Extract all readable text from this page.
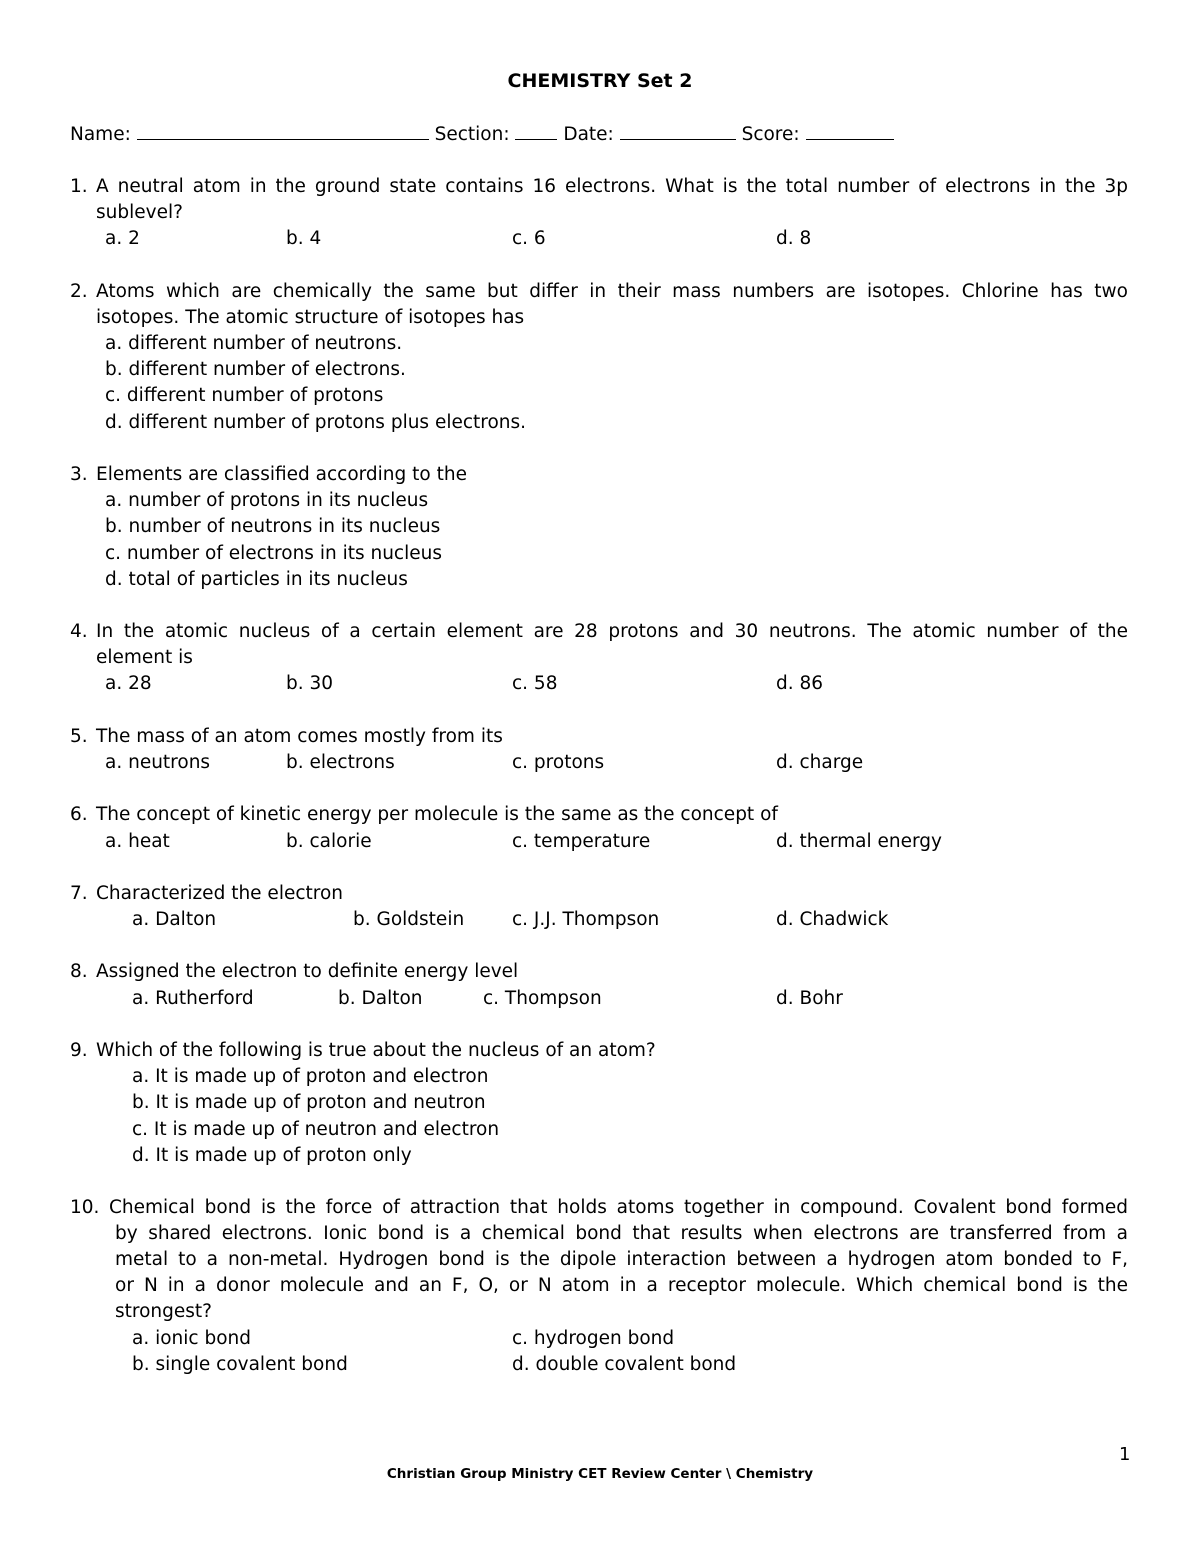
CHEMISTRY Set 2
Name:	Section:	Date:	Score:
1. A neutral atom in the ground state contains 16 electrons. What is the total number of electrons in the 3p
sublevel?
a. 2	b. 4	c. 6	d. 8
2. Atoms which are chemically the same but differ in their mass numbers are isotopes. Chlorine has two
isotopes. The atomic structure of isotopes has
a. different number of neutrons.
b. different number of electrons.
c. different number of protons
d. different number of protons plus electrons.
3. Elements are classified according to the
a. number of protons in its nucleus
b. number of neutrons in its nucleus
c. number of electrons in its nucleus
d. total of particles in its nucleus
4. In the atomic nucleus of a certain element are 28 protons and 30 neutrons. The atomic number of the
element is
a. 28	b. 30	c. 58	d. 86
5. The mass of an atom comes mostly from its
a. neutrons	b. electrons	c. protons	d. charge
6. The concept of kinetic energy per molecule is the same as the concept of
a. heat	b. calorie	c. temperature	d. thermal energy
7. Characterized the electron
a. Dalton	b. Goldstein	c. J.J. Thompson	d. Chadwick
8. Assigned the electron to definite energy level
a. Rutherford	b. Dalton	c. Thompson	d. Bohr
9. Which of the following is true about the nucleus of an atom?
a. It is made up of proton and electron
b. It is made up of proton and neutron
c. It is made up of neutron and electron
d. It is made up of proton only
10. Chemical bond is the force of attraction that holds atoms together in compound. Covalent bond formed
by shared electrons. Ionic bond is a chemical bond that results when electrons are transferred from a
metal to a non-metal. Hydrogen bond is the dipole interaction between a hydrogen atom bonded to F,
or N in a donor molecule and an F, O, or N atom in a receptor molecule. Which chemical bond is the
strongest?
a. ionic bond	c. hydrogen bond
b. single covalent bond	d. double covalent bond
1
Christian Group Ministry CET Review Center \ Chemistry
